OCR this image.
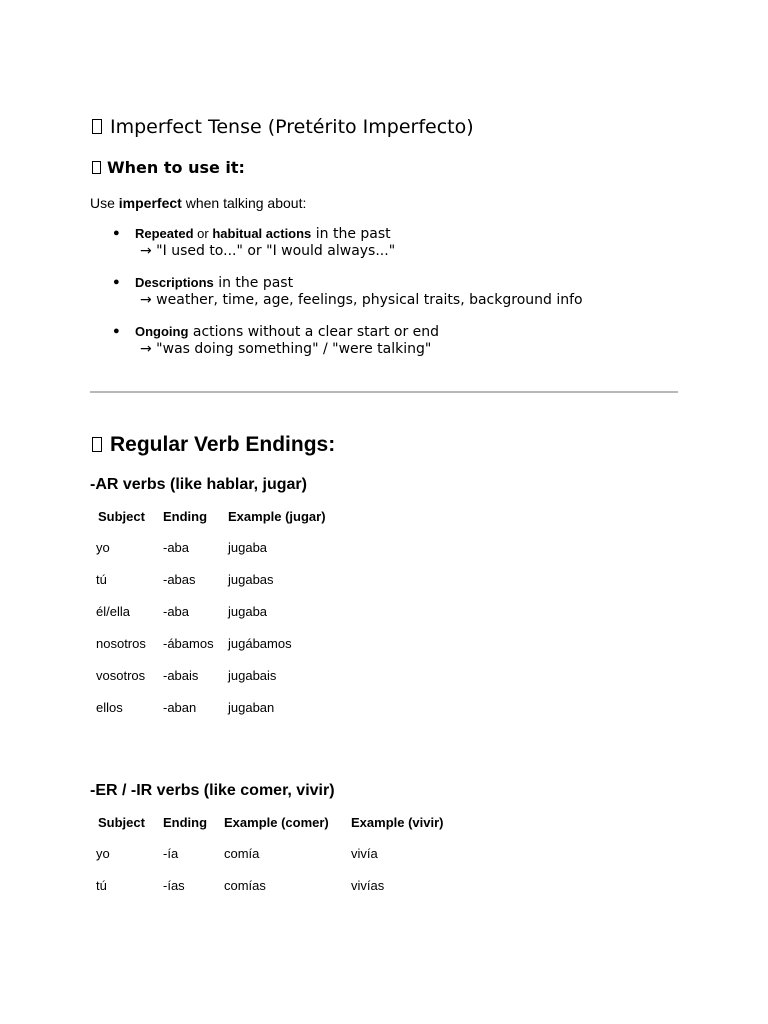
Imperfect Tense (Pretérito Imperfecto)
When to use it:
Use imperfect when talking about:
● Repeated or habitual actions in the past
→ "I used to..." or "I would always..."
● Descriptions in the past
→ weather, time, age, feelings, physical traits, background info
● Ongoing actions without a clear start or end
→ "was doing something" / "were talking"
Regular Verb Endings:
-AR verbs (like hablar, jugar)
Subject	Ending	Example (jugar)
yo	-aba	jugaba
tú	-abas	jugabas
él/ella	-aba	jugaba
nosotros	-ábamos	jugábamos
vosotros	-abais	jugabais
ellos	-aban	jugaban
-ER / -IR verbs (like comer, vivir)
Subject	Ending	Example (comer)	Example (vivir)
yo	-ía	comía	vivía
tú	-ías	comías	vivías
